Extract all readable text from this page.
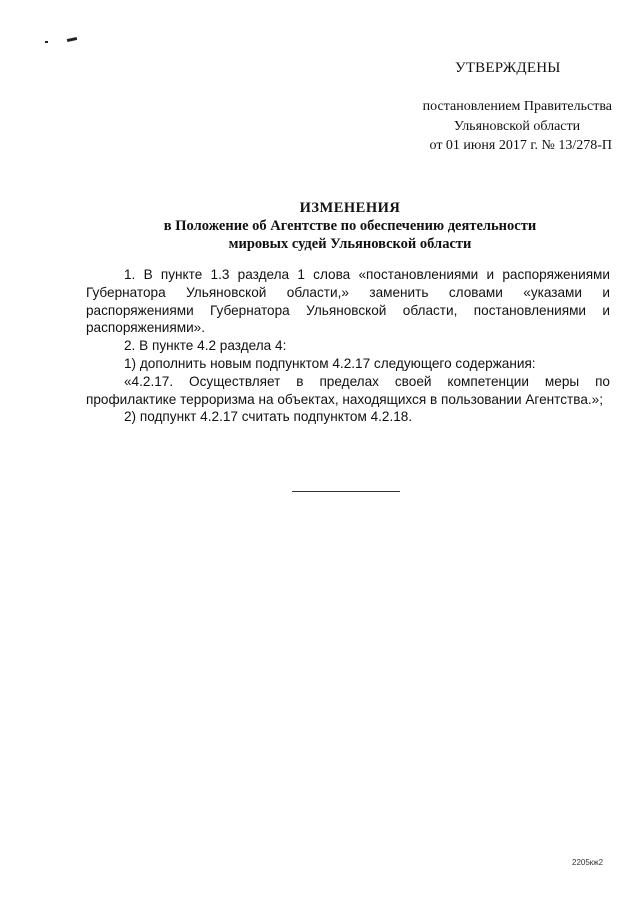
УТВЕРЖДЕНЫ
постановлением Правительства
Ульяновской области
от 01 июня 2017 г. № 13/278-П
ИЗМЕНЕНИЯ
в Положение об Агентстве по обеспечению деятельности
мировых судей Ульяновской области

1. В пункте 1.3 раздела 1 слова «постановлениями и распоряжениями Губернатора Ульяновской области,» заменить словами «указами и распоряжениями Губернатора Ульяновской области, постановлениями и распоряжениями».

2. В пункте 4.2 раздела 4:

1) дополнить новым подпунктом 4.2.17 следующего содержания:

«4.2.17. Осуществляет в пределах своей компетенции меры по профилактике терроризма на объектах, находящихся в пользовании Агентства.»;

2) подпункт 4.2.17 считать подпунктом 4.2.18.

2205кж2
